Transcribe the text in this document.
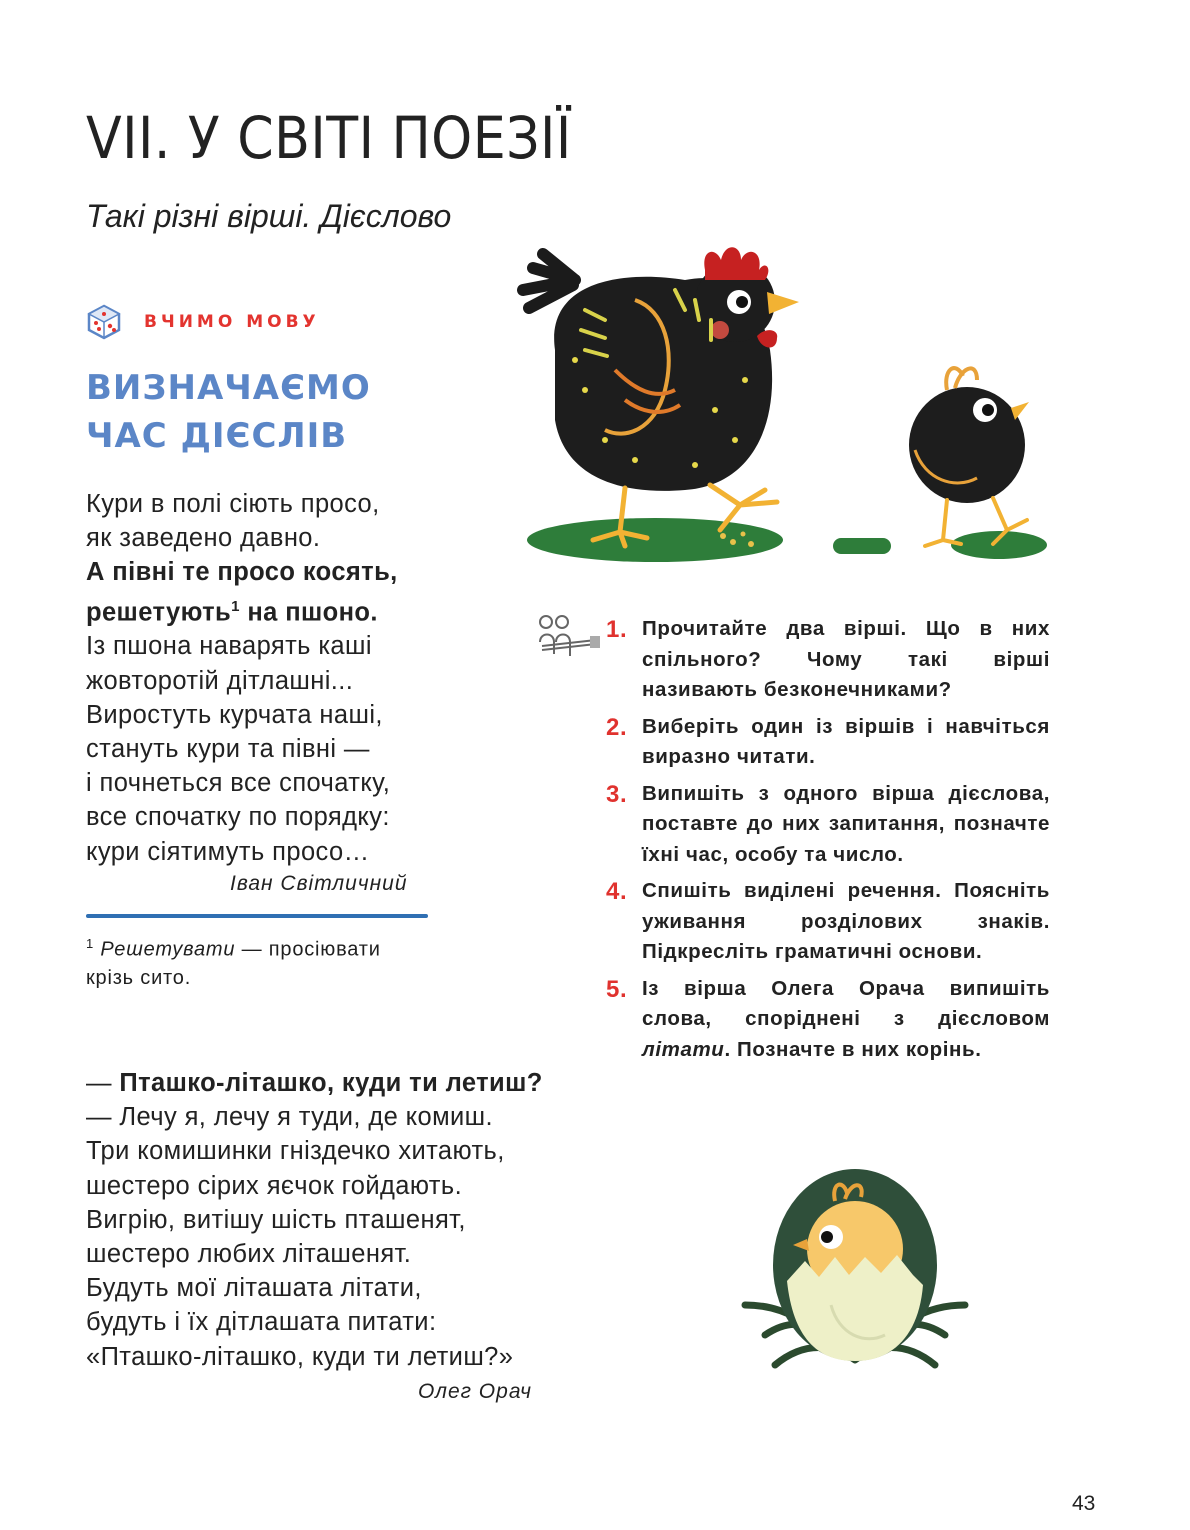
VII. У СВІТІ ПОЕЗІЇ
Такі різні вірші. Дієслово
ВЧИМО МОВУ
ВИЗНАЧАЄМО
ЧАС ДІЄСЛІВ
Кури в полі сіють просо,
як заведено давно.
А півні те просо косять,
решетують$^1$ на пшоно.
Із пшона наварять каші
жовторотій дітлашні...
Виростуть курчата наші,
стануть кури та півні —
і почнеться все спочатку,
все спочатку по порядку:
кури сіятимуть просо…
Іван Світличний
$^1$ Решетувати — просіювати крізь сито.
— Пташко-літашко, куди ти летиш?
— Лечу я, лечу я туди, де комиш.
Три комишинки гніздечко хитають,
шестеро сірих яєчок гойдають.
Вигрію, витішу шість пташенят,
шестеро любих літашенят.
Будуть мої літашата літати,
будуть і їх дітлашата питати:
«Пташко-літашко, куди ти летиш?»
Олег Орач
1. Прочитайте два вірші. Що в них спільного? Чому такі вірші називають безконечниками?
2. Виберіть один із віршів і навчіться виразно читати.
3. Випишіть з одного вірша дієслова, поставте до них запитання, позначте їхні час, особу та число.
4. Спишіть виділені речення. Поясніть уживання розділових знаків. Підкресліть граматичні основи.
5. Із вірша Олега Орача випишіть слова, споріднені з дієсловом літати. Позначте в них корінь.
43
